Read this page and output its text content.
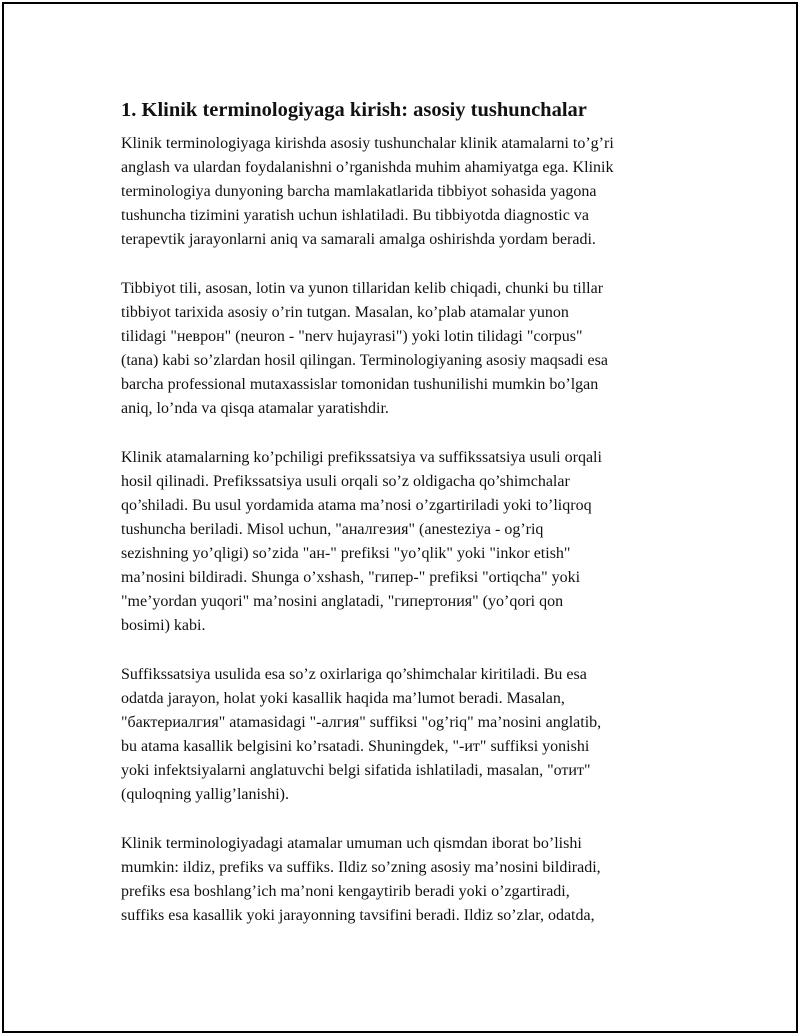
1. Klinik terminologiyaga kirish: asosiy tushunchalar

Klinik terminologiyaga kirishda asosiy tushunchalar klinik atamalarni to’g’ri
anglash va ulardan foydalanishni o’rganishda muhim ahamiyatga ega. Klinik
terminologiya dunyoning barcha mamlakatlarida tibbiyot sohasida yagona
tushuncha tizimini yaratish uchun ishlatiladi. Bu tibbiyotda diagnostic va
terapevtik jarayonlarni aniq va samarali amalga oshirishda yordam beradi.

Tibbiyot tili, asosan, lotin va yunon tillaridan kelib chiqadi, chunki bu tillar
tibbiyot tarixida asosiy o’rin tutgan. Masalan, ko’plab atamalar yunon
tilidagi "неврон" (neuron - "nerv hujayrasi") yoki lotin tilidagi "corpus"
(tana) kabi so’zlardan hosil qilingan. Terminologiyaning asosiy maqsadi esa
barcha professional mutaxassislar tomonidan tushunilishi mumkin bo’lgan
aniq, lo’nda va qisqa atamalar yaratishdir.

Klinik atamalarning ko’pchiligi prefikssatsiya va suffikssatsiya usuli orqali
hosil qilinadi. Prefikssatsiya usuli orqali so’z oldigacha qo’shimchalar
qo’shiladi. Bu usul yordamida atama ma’nosi o’zgartiriladi yoki to’liqroq
tushuncha beriladi. Misol uchun, "аналгезия" (anesteziya - og’riq
sezishning yo’qligi) so’zida "ан-" prefiksi "yo’qlik" yoki "inkor etish"
ma’nosini bildiradi. Shunga o’xshash, "гипер-" prefiksi "ortiqcha" yoki
"me’yordan yuqori" ma’nosini anglatadi, "гипертония" (yo’qori qon
bosimi) kabi.

Suffikssatsiya usulida esa so’z oxirlariga qo’shimchalar kiritiladi. Bu esa
odatda jarayon, holat yoki kasallik haqida ma’lumot beradi. Masalan,
"бактериалгия" atamasidagi "-алгия" suffiksi "og’riq" ma’nosini anglatib,
bu atama kasallik belgisini ko’rsatadi. Shuningdek, "-ит" suffiksi yonishi
yoki infektsiyalarni anglatuvchi belgi sifatida ishlatiladi, masalan, "отит"
(quloqning yallig’lanishi).

Klinik terminologiyadagi atamalar umuman uch qismdan iborat bo’lishi
mumkin: ildiz, prefiks va suffiks. Ildiz so’zning asosiy ma’nosini bildiradi,
prefiks esa boshlang’ich ma’noni kengaytirib beradi yoki o’zgartiradi,
suffiks esa kasallik yoki jarayonning tavsifini beradi. Ildiz so’zlar, odatda,
